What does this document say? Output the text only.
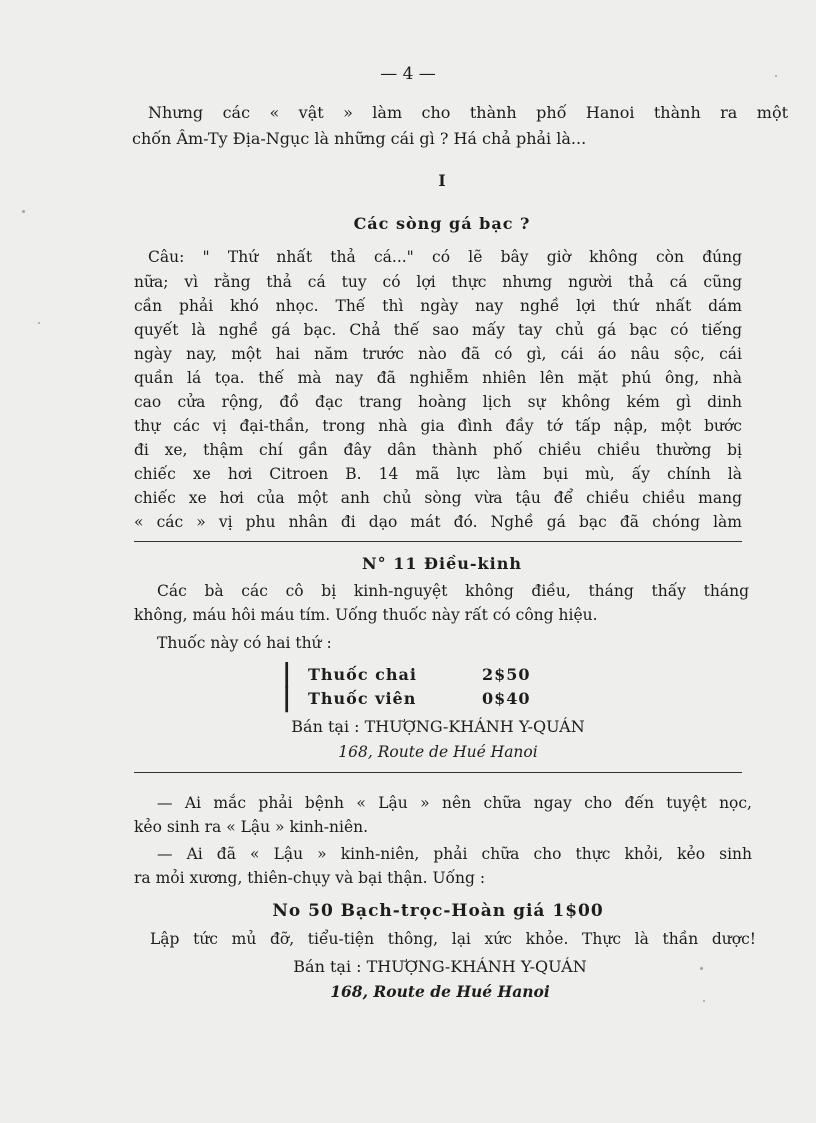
— 4 —
Nhưng các « vật » làm cho thành phố Hanoi thành ra một
chốn Âm-Ty Địa-Ngục là những cái gì ? Há chả phải là...
I
Các sòng gá bạc ?
Câu: " Thứ nhất thả cá..." có lẽ bây giờ không còn đúng
nữa; vì rằng thả cá tuy có lợi thực nhưng người thả cá cũng
cần phải khó nhọc. Thế thì ngày nay nghề lợi thứ nhất dám
quyết là nghề gá bạc. Chả thế sao mấy tay chủ gá bạc có tiếng
ngày nay, một hai năm trước nào đã có gì, cái áo nâu sộc, cái
quần lá tọa. thế mà nay đã nghiễm nhiên lên mặt phú ông, nhà
cao cửa rộng, đồ đạc trang hoàng lịch sự không kém gì dinh
thự các vị đại-thần, trong nhà gia đình đầy tớ tấp nập, một bước
đi xe, thậm chí gần đây dân thành phố chiều chiều thường bị
chiếc xe hơi Citroen B. 14 mã lực làm bụi mù, ấy chính là
chiếc xe hơi của một anh chủ sòng vừa tậu để chiều chiều mang
« các » vị phu nhân đi dạo mát đó. Nghề gá bạc đã chóng làm
N° 11 Điều-kinh
Các bà các cô bị kinh-nguyệt không điều, tháng thấy tháng
không, máu hôi máu tím. Uống thuốc này rất có công hiệu.
Thuốc này có hai thứ :
|
|
Thuốc chai	2$50
Thuốc viên	0$40
Bán tại : THƯỢNG-KHÁNH Y-QUÁN
168, Route de Hué Hanoi
— Ai mắc phải bệnh « Lậu » nên chữa ngay cho đến tuyệt nọc,
kẻo sinh ra « Lậu » kinh-niên.
— Ai đã « Lậu » kinh-niên, phải chữa cho thực khỏi, kẻo sinh
ra mỏi xương, thiên-chụy và bại thận. Uống :
No 50 Bạch-trọc-Hoàn giá 1$00
Lập tức mủ đỡ, tiểu-tiện thông, lại xức khỏe. Thực là thần dược!
Bán tại : THƯỢNG-KHÁNH Y-QUÁN
168, Route de Hué Hanoi
